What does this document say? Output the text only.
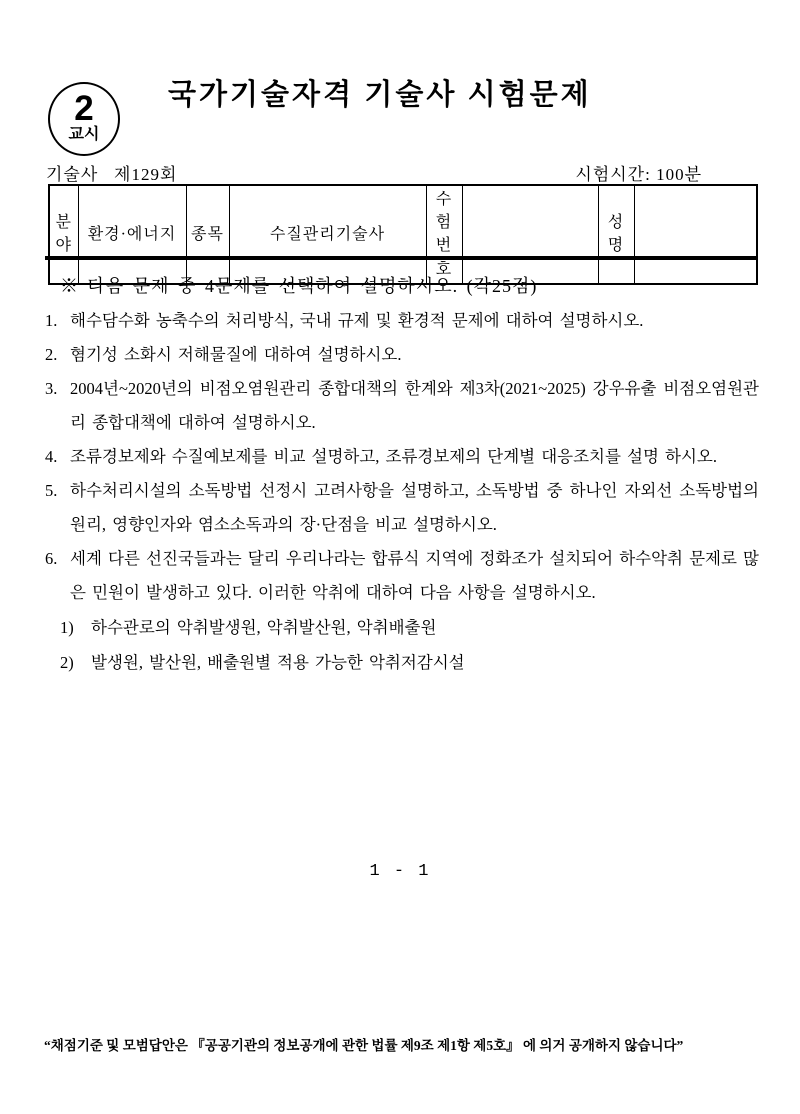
2
교시
국가기술자격 기술사 시험문제
기술사   제129회	시험시간: 100분
분야	환경·에너지	종목	수질관리기술사	수험번호		성명	
※ 다음 문제 중 4문제를 선택하여 설명하시오. (각25점)
1. 해수담수화 농축수의 처리방식, 국내 규제 및 환경적 문제에 대하여 설명하시오.
2. 혐기성 소화시 저해물질에 대하여 설명하시오.
3. 2004년~2020년의 비점오염원관리 종합대책의 한계와 제3차(2021~2025) 강우유출 비점오염원관리 종합대책에 대하여 설명하시오.
4. 조류경보제와 수질예보제를 비교 설명하고, 조류경보제의 단계별 대응조치를 설명 하시오.
5. 하수처리시설의 소독방법 선정시 고려사항을 설명하고, 소독방법 중 하나인 자외선 소독방법의 원리, 영향인자와 염소소독과의 장·단점을 비교 설명하시오.
6. 세계 다른 선진국들과는 달리 우리나라는 합류식 지역에 정화조가 설치되어 하수악취 문제로 많은 민원이 발생하고 있다. 이러한 악취에 대하여 다음 사항을 설명하시오.
1)	하수관로의 악취발생원, 악취발산원, 악취배출원
2)	발생원, 발산원, 배출원별 적용 가능한 악취저감시설
1 - 1
“채점기준 및 모범답안은 『공공기관의 정보공개에 관한 법률 제9조 제1항 제5호』 에 의거 공개하지 않습니다”
